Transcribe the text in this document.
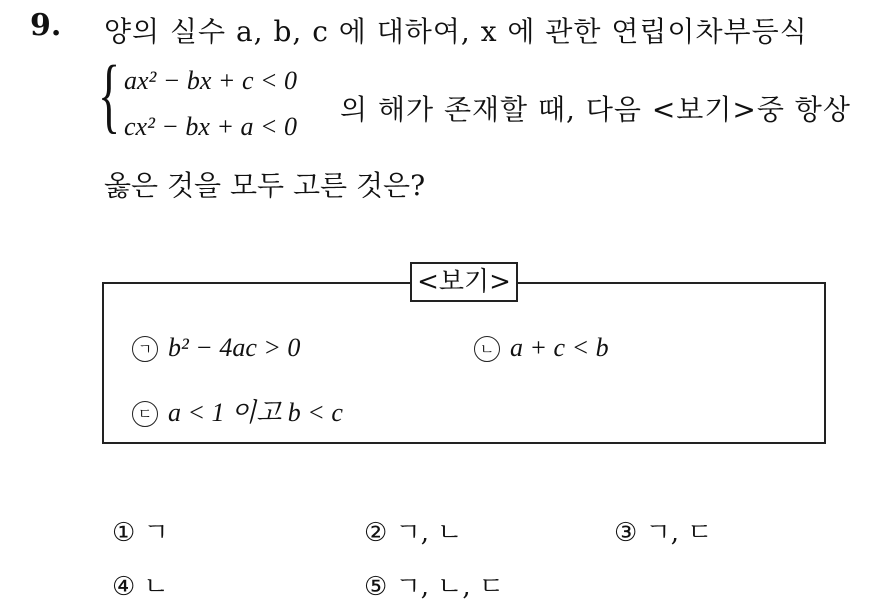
9. 양의 실수 a, b, c 에 대하여, x 에 관한 연립이차부등식
{ ax² − bx + c < 0
cx² − bx + a < 0
의 해가 존재할 때, 다음 <보기>중 항상
옳은 것을 모두 고른 것은?
<보기>
ㄱ b² − 4ac > 0	ㄴ a + c < b
ㄷ a < 1 이고 b < c
① ㄱ	② ㄱ, ㄴ	③ ㄱ, ㄷ
④ ㄴ	⑤ ㄱ, ㄴ, ㄷ
